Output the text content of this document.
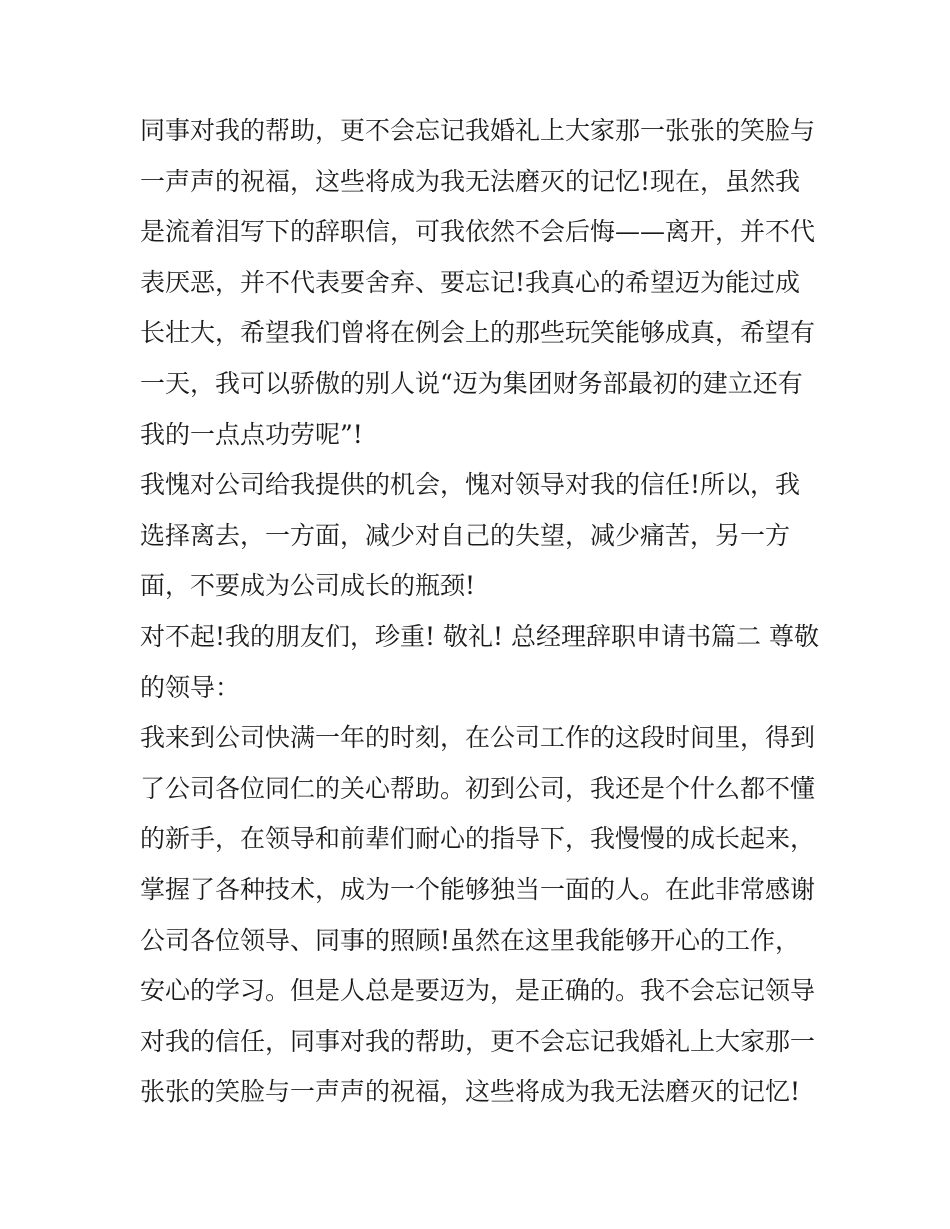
同事对我的帮助，更不会忘记我婚礼上大家那一张张的笑脸与
一声声的祝福，这些将成为我无法磨灭的记忆!现在，虽然我
是流着泪写下的辞职信，可我依然不会后悔——离开，并不代
表厌恶，并不代表要舍弃、要忘记!我真心的希望迈为能过成
长壮大，希望我们曾将在例会上的那些玩笑能够成真，希望有
一天，我可以骄傲的别人说“迈为集团财务部最初的建立还有
我的一点点功劳呢”!
我愧对公司给我提供的机会，愧对领导对我的信任!所以，我
选择离去，一方面，减少对自己的失望，减少痛苦，另一方
面，不要成为公司成长的瓶颈!
对不起!我的朋友们，珍重! 敬礼! 总经理辞职申请书篇二 尊敬
的领导：
我来到公司快满一年的时刻，在公司工作的这段时间里，得到
了公司各位同仁的关心帮助。初到公司，我还是个什么都不懂
的新手，在领导和前辈们耐心的指导下，我慢慢的成长起来，
掌握了各种技术，成为一个能够独当一面的人。在此非常感谢
公司各位领导、同事的照顾!虽然在这里我能够开心的工作，
安心的学习。但是人总是要迈为，是正确的。我不会忘记领导
对我的信任，同事对我的帮助，更不会忘记我婚礼上大家那一
张张的笑脸与一声声的祝福，这些将成为我无法磨灭的记忆!
